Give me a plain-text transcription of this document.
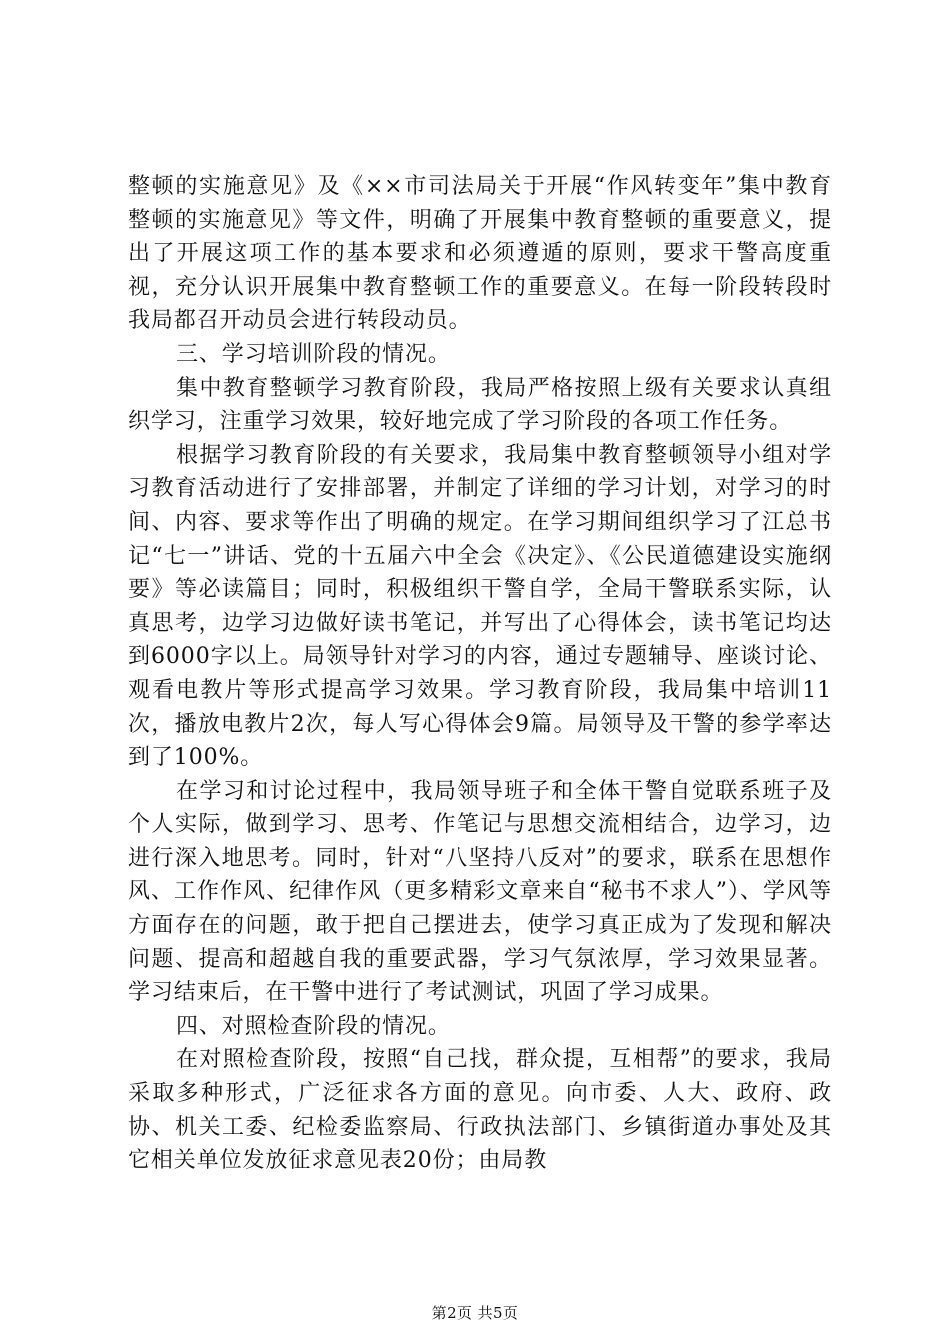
整顿的实施意见》及《××市司法局关于开展“作风转变年”集中教育整顿的实施意见》等文件，明确了开展集中教育整顿的重要意义，提出了开展这项工作的基本要求和必须遵遁的原则，要求干警高度重视，充分认识开展集中教育整顿工作的重要意义。在每一阶段转段时我局都召开动员会进行转段动员。

三、学习培训阶段的情况。

集中教育整顿学习教育阶段，我局严格按照上级有关要求认真组织学习，注重学习效果，较好地完成了学习阶段的各项工作任务。

根据学习教育阶段的有关要求，我局集中教育整顿领导小组对学习教育活动进行了安排部署，并制定了详细的学习计划，对学习的时间、内容、要求等作出了明确的规定。在学习期间组织学习了江总书记“七一”讲话、党的十五届六中全会《决定》、《公民道德建设实施纲要》等必读篇目；同时，积极组织干警自学，全局干警联系实际，认真思考，边学习边做好读书笔记，并写出了心得体会，读书笔记均达到6000字以上。局领导针对学习的内容，通过专题辅导、座谈讨论、观看电教片等形式提高学习效果。学习教育阶段，我局集中培训11次，播放电教片2次，每人写心得体会9篇。局领导及干警的参学率达到了100%。

在学习和讨论过程中，我局领导班子和全体干警自觉联系班子及个人实际，做到学习、思考、作笔记与思想交流相结合，边学习，边进行深入地思考。同时，针对“八坚持八反对”的要求，联系在思想作风、工作作风、纪律作风（更多精彩文章来自“秘书不求人”）、学风等方面存在的问题，敢于把自己摆进去，使学习真正成为了发现和解决问题、提高和超越自我的重要武器，学习气氛浓厚，学习效果显著。学习结束后，在干警中进行了考试测试，巩固了学习成果。

四、对照检查阶段的情况。

在对照检查阶段，按照“自己找，群众提，互相帮”的要求，我局采取多种形式，广泛征求各方面的意见。向市委、人大、政府、政协、机关工委、纪检委监察局、行政执法部门、乡镇街道办事处及其它相关单位发放征求意见表20份；由局教

第2页 共5页
